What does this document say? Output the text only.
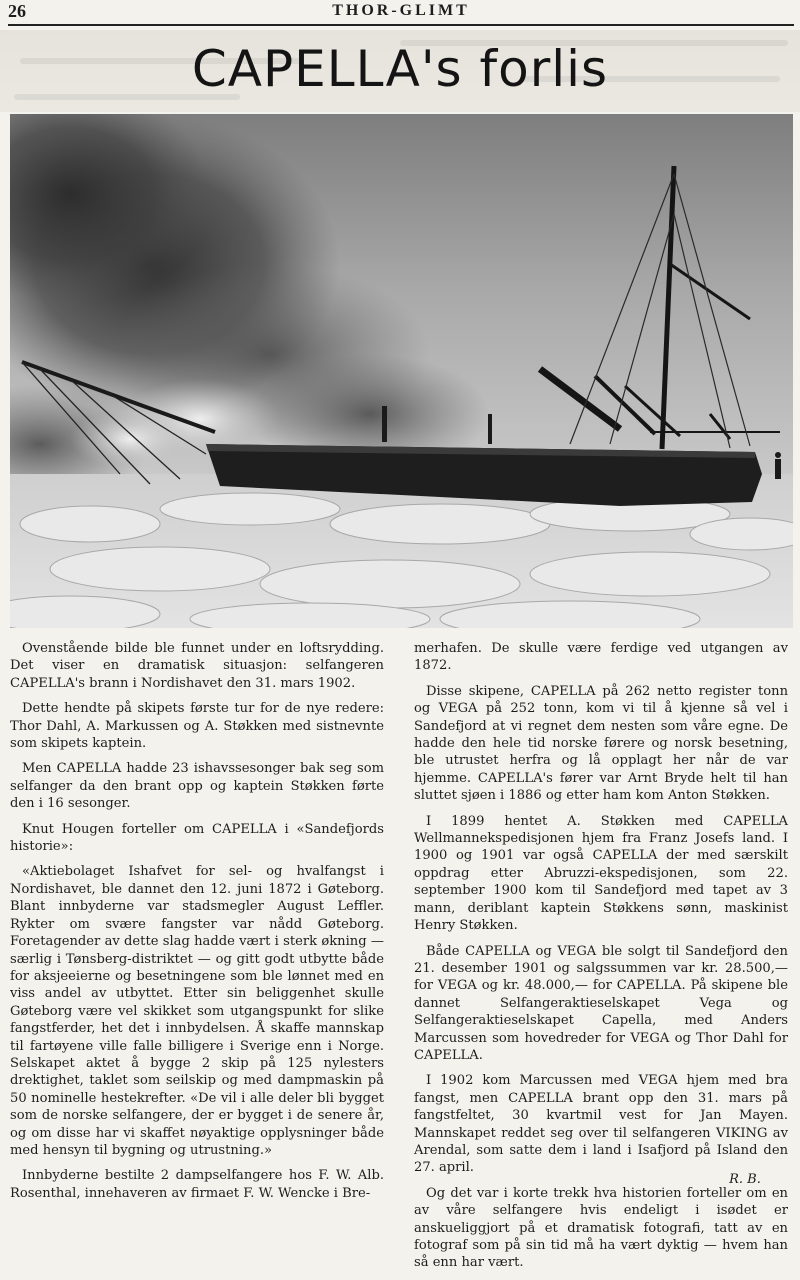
26	THOR-GLIMT
CAPELLA's forlis

Ovenstående bilde ble funnet under en loftsrydding. Det viser en dramatisk situasjon: selfangeren CAPELLA's brann i Nordishavet den 31. mars 1902.

Dette hendte på skipets første tur for de nye redere: Thor Dahl, A. Markussen og A. Støkken med sistnevnte som skipets kaptein.

Men CAPELLA hadde 23 ishavssesonger bak seg som selfanger da den brant opp og kaptein Støkken førte den i 16 sesonger.

Knut Hougen forteller om CAPELLA i «Sandefjords historie»:

«Aktiebolaget Ishafvet for sel- og hvalfangst i Nordishavet, ble dannet den 12. juni 1872 i Gøteborg. Blant innbyderne var stadsmegler August Leffler. Rykter om svære fangster var nådd Gøteborg. Foretagender av dette slag hadde vært i sterk økning — særlig i Tønsberg-distriktet — og gitt godt utbytte både for aksjeeierne og besetningene som ble lønnet med en viss andel av utbyttet. Etter sin beliggenhet skulle Gøteborg være vel skikket som utgangspunkt for slike fangstferder, het det i innbydelsen. Å skaffe mannskap til fartøyene ville falle billigere i Sverige enn i Norge. Selskapet aktet å bygge 2 skip på 125 nylesters drektighet, taklet som seilskip og med dampmaskin på 50 nominelle hestekrefter. «De vil i alle deler bli bygget som de norske selfangere, der er bygget i de senere år, og om disse har vi skaffet nøyaktige opplysninger både med hensyn til bygning og utrustning.»

Innbyderne bestilte 2 dampselfangere hos F. W. Alb. Rosenthal, innehaveren av firmaet F. W. Wencke i Bre-

merhafen. De skulle være ferdige ved utgangen av 1872.

Disse skipene, CAPELLA på 262 netto register tonn og VEGA på 252 tonn, kom vi til å kjenne så vel i Sandefjord at vi regnet dem nesten som våre egne. De hadde den hele tid norske førere og norsk besetning, ble utrustet herfra og lå opplagt her når de var hjemme. CAPELLA's fører var Arnt Bryde helt til han sluttet sjøen i 1886 og etter ham kom Anton Støkken.

I 1899 hentet A. Støkken med CAPELLA Wellmannekspedisjonen hjem fra Franz Josefs land. I 1900 og 1901 var også CAPELLA der med særskilt oppdrag etter Abruzzi-ekspedisjonen, som 22. september 1900 kom til Sandefjord med tapet av 3 mann, deriblant kaptein Støkkens sønn, maskinist Henry Støkken.

Både CAPELLA og VEGA ble solgt til Sandefjord den 21. desember 1901 og salgssummen var kr. 28.500,— for VEGA og kr. 48.000,— for CAPELLA. På skipene ble dannet Selfangeraktieselskapet Vega og Selfangeraktieselskapet Capella, med Anders Marcussen som hovedreder for VEGA og Thor Dahl for CAPELLA.

I 1902 kom Marcussen med VEGA hjem med bra fangst, men CAPELLA brant opp den 31. mars på fangstfeltet, 30 kvartmil vest for Jan Mayen. Mannskapet reddet seg over til selfangeren VIKING av Arendal, som satte dem i land i Isafjord på Island den 27. april.

Og det var i korte trekk hva historien forteller om en av våre selfangere hvis endeligt i isødet er anskueliggjort på et dramatisk fotografi, tatt av en fotograf som på sin tid må ha vært dyktig — hvem han så enn har vært.

R. B.
